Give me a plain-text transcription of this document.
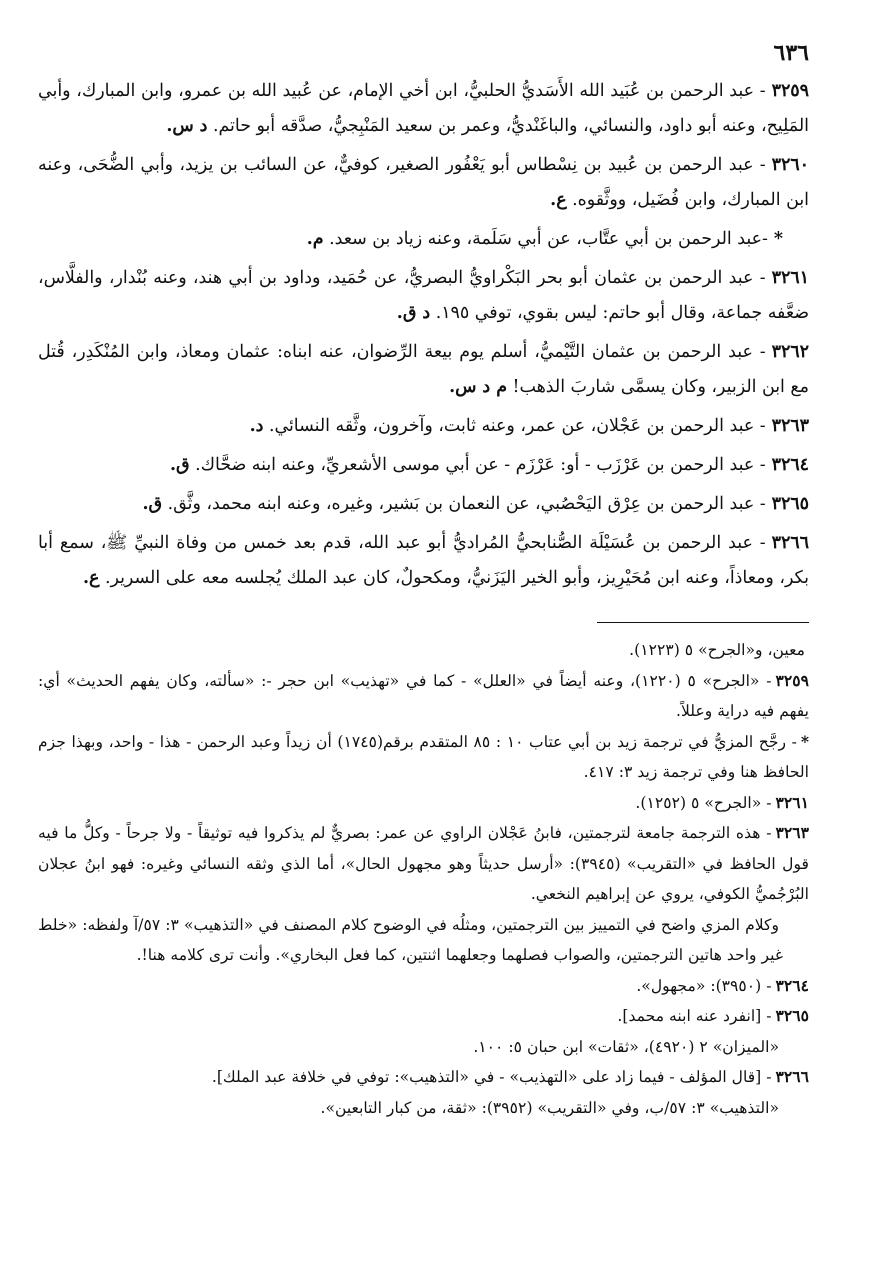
٦٣٦

٣٢٥٩- عبد الرحمن بن عُبَيد الله الأَسَديُّ الحلبيُّ، ابن أخي الإمام، عن عُبيد الله بن عمرو، وابن المبارك، وأبي المَلِيح، وعنه أبو داود، والنسائي، والباغَنْديُّ، وعمر بن سعيد المَنْبِجيُّ، صدَّقه أبو حاتم. د س.

٣٢٦٠- عبد الرحمن بن عُبيد بن نِسْطاس أبو يَعْفُور الصغير، كوفيٌّ، عن السائب بن يزيد، وأبي الضُّحَى، وعنه ابن المبارك، وابن فُضَيل، ووثَّقوه. ع.

*-عبد الرحمن بن أبي عتَّاب، عن أبي سَلَمة، وعنه زياد بن سعد. م.

٣٢٦١- عبد الرحمن بن عثمان أبو بحر البَكْراويُّ البصريُّ، عن حُمَيد، وداود بن أبي هند، وعنه بُنْدار، والفلَّاس، ضعَّفه جماعة، وقال أبو حاتم: ليس بقوي، توفي ١٩٥. د ق.

٣٢٦٢- عبد الرحمن بن عثمان التَّيْميُّ، أسلم يوم بيعة الرِّضوان، عنه ابناه: عثمان ومعاذ، وابن المُنْكَدِر، قُتل مع ابن الزبير، وكان يسمَّى شاربَ الذهب! م د س.

٣٢٦٣- عبد الرحمن بن عَجْلان، عن عمر، وعنه ثابت، وآخرون، وثَّقه النسائي. د.

٣٢٦٤- عبد الرحمن بن عَرْزَب - أو: عَرْزَم - عن أبي موسى الأشعريِّ، وعنه ابنه ضحَّاك. ق.

٣٢٦٥- عبد الرحمن بن عِرْق اليَحْصُبي، عن النعمان بن بَشير، وغيره، وعنه ابنه محمد، وثَّق. ق.

٣٢٦٦- عبد الرحمن بن عُسَيْلَة الصُّنابحيُّ المُراديُّ أبو عبد الله، قدم بعد خمس من وفاة النبيِّ ﷺ، سمع أبا بكر، ومعاذاً، وعنه ابن مُحَيْرِيز، وأبو الخير اليَزَنيُّ، ومكحولٌ، كان عبد الملك يُجلسه معه على السرير. ع.

معين، و«الجرح» ٥ (١٢٢٣).

٣٢٥٩- «الجرح» ٥ (١٢٢٠)، وعنه أيضاً في «العلل» - كما في «تهذيب» ابن حجر -: «سألته، وكان يفهم الحديث» أي: يفهم فيه دراية وعللاً.

*- رجَّح المزيُّ في ترجمة زيد بن أبي عتاب ١٠ : ٨٥ المتقدم برقم(١٧٤٥) أن زيداً وعبد الرحمن - هذا - واحد، وبهذا جزم الحافظ هنا وفي ترجمة زيد ٣: ٤١٧.

٣٢٦١- «الجرح» ٥ (١٢٥٢).

٣٢٦٣- هذه الترجمة جامعة لترجمتين، فابنُ عَجْلان الراوي عن عمر: بصريٌّ لم يذكروا فيه توثيقاً - ولا جرحاً - وكلُّ ما فيه قول الحافظ في «التقريب» (٣٩٤٥): «أرسل حديثاً وهو مجهول الحال»، أما الذي وثقه النسائي وغيره: فهو ابنُ عجلان البُرْجُميُّ الكوفي، يروي عن إبراهيم النخعي.

وكلام المزي واضح في التمييز بين الترجمتين، ومثلُه في الوضوح كلام المصنف في «التذهيب» ٣: ٥٧/آ ولفظه: «خلط غير واحد هاتين الترجمتين، والصواب فصلهما وجعلهما اثنتين، كما فعل البخاري». وأنت ترى كلامه هنا!.

٣٢٦٤- (٣٩٥٠): «مجهول».

٣٢٦٥- [انفرد عنه ابنه محمد].

«الميزان» ٢ (٤٩٢٠)، «ثقات» ابن حبان ٥: ١٠٠.

٣٢٦٦- [قال المؤلف - فيما زاد على «التهذيب» - في «التذهيب»: توفي في خلافة عبد الملك].

«التذهيب» ٣: ٥٧/ب، وفي «التقريب» (٣٩٥٢): «ثقة، من كبار التابعين».
